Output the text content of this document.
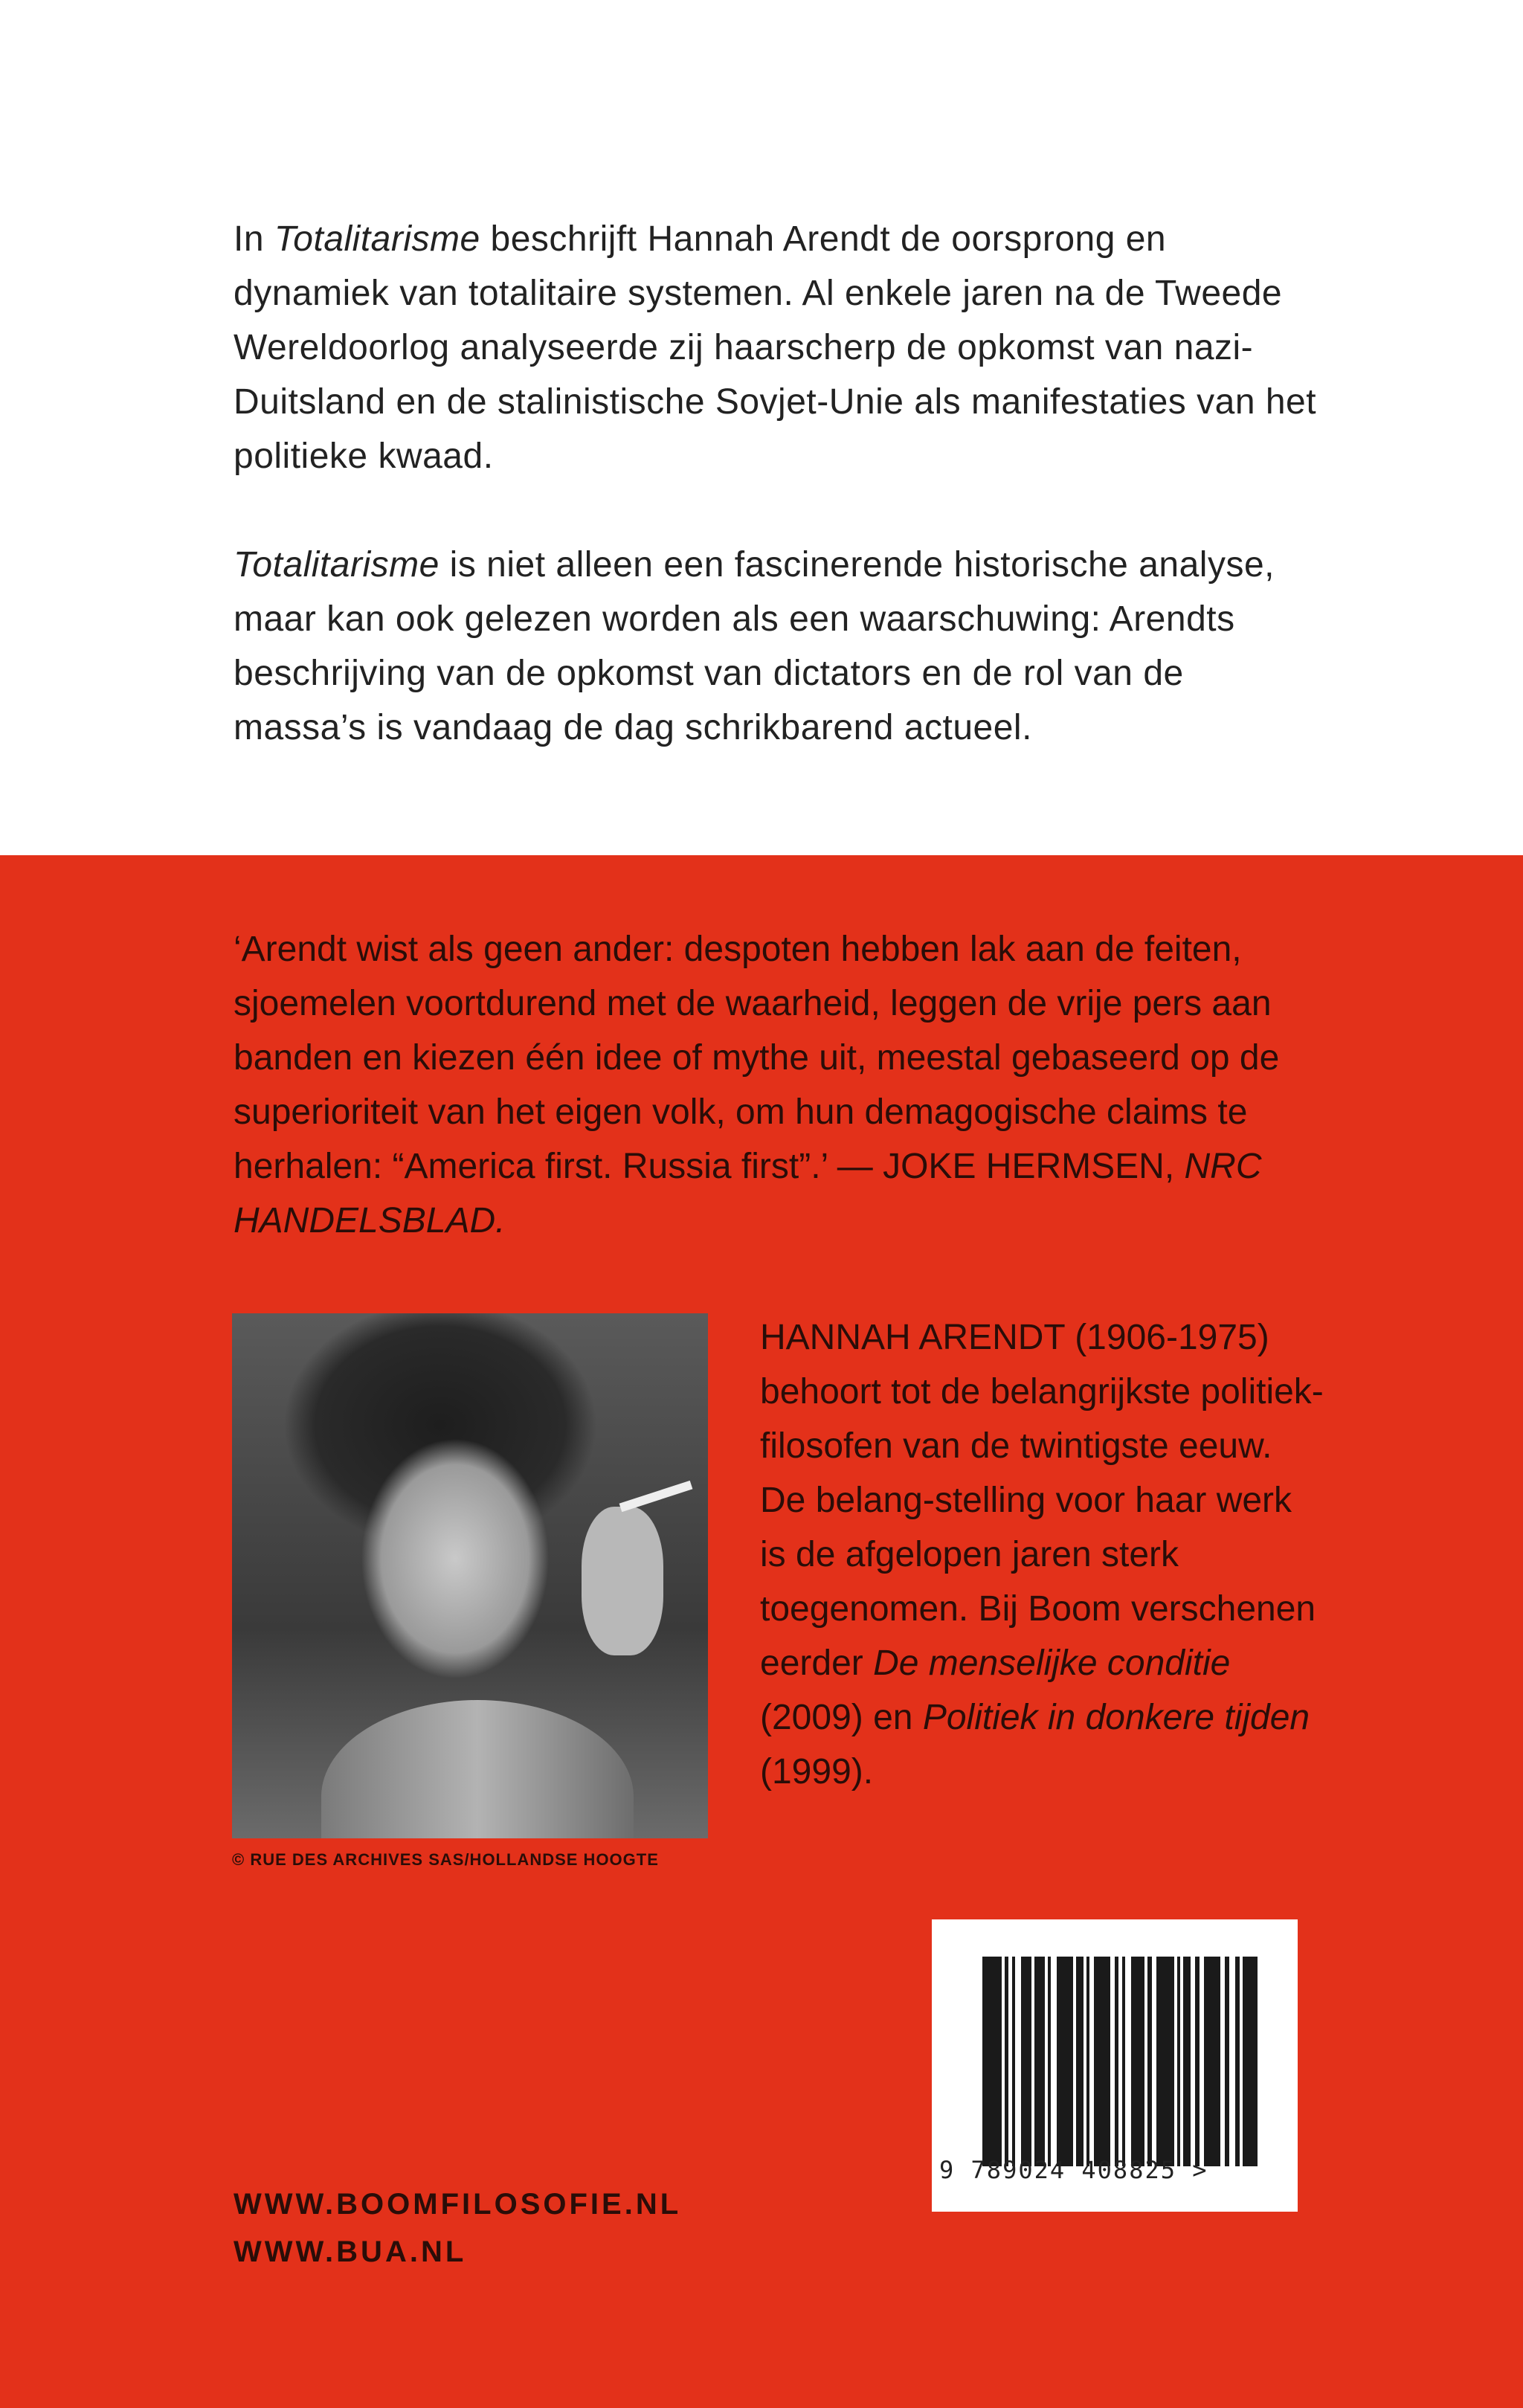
In Totalitarisme beschrijft Hannah Arendt de oorsprong en dynamiek van totalitaire systemen. Al enkele jaren na de Tweede Wereldoorlog analyseerde zij haarscherp de opkomst van nazi-Duitsland en de stalinistische Sovjet-Unie als manifestaties van het politieke kwaad.

Totalitarisme is niet alleen een fascinerende historische analyse, maar kan ook gelezen worden als een waarschuwing: Arendts beschrijving van de opkomst van dictators en de rol van de massa’s is vandaag de dag schrikbarend actueel.

‘Arendt wist als geen ander: despoten hebben lak aan de feiten, sjoemelen voortdurend met de waarheid, leggen de vrije pers aan banden en kiezen één idee of mythe uit, meestal gebaseerd op de superioriteit van het eigen volk, om hun demagogische claims te herhalen: “America first. Russia first”.’ — JOKE HERMSEN, NRC HANDELSBLAD.
© RUE DES ARCHIVES SAS/HOLLANDSE HOOGTE
HANNAH ARENDT (1906-1975) behoort tot de belangrijkste politiek-filosofen van de twintigste eeuw. De belang-stelling voor haar werk is de afgelopen jaren sterk toegenomen. Bij Boom verschenen eerder De menselijke conditie (2009) en Politiek in donkere tijden (1999).
9 789024 408825 >
WWW.BOOMFILOSOFIE.NL
WWW.BUA.NL
